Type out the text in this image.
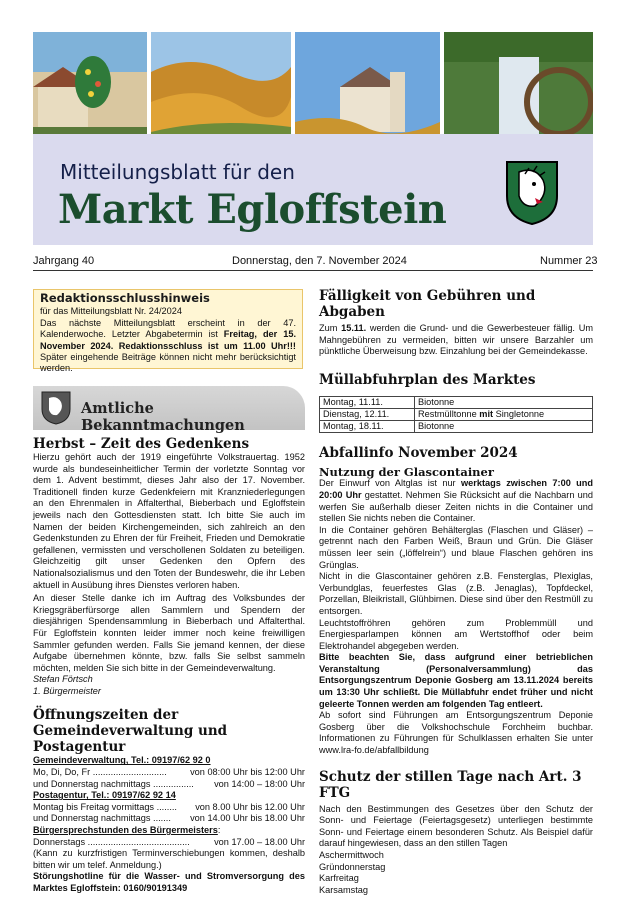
Mitteilungsblatt für den
Markt Egloffstein
Jahrgang 40	Donnerstag, den 7. November 2024	Nummer 23
Redaktionsschlusshinweis

für das Mitteilungsblatt Nr. 24/2024

Das nächste Mitteilungsblatt erscheint in der 47. Kalenderwoche. Letzter Abgabetermin ist Freitag, der 15. November 2024. Redaktionsschluss ist um 11.00 Uhr!!! Später eingehende Beiträge können nicht mehr berücksichtigt werden.

Amtliche Bekanntmachungen
Herbst – Zeit des Gedenkens

Hierzu gehört auch der 1919 eingeführte Volkstrauertag. 1952 wurde als bundeseinheitlicher Termin der vorletzte Sonntag vor dem 1. Advent bestimmt, dieses Jahr also der 17. November. Traditionell finden kurze Gedenkfeiern mit Kranzniederlegungen an den Ehrenmalen in Affalterthal, Bieberbach und Egloffstein jeweils nach den Gottesdiensten statt. Ich bitte Sie auch im Namen der beiden Kirchengemeinden, sich zahlreich an den Gedenkstunden zu Ehren der für Freiheit, Frieden und Demokratie gefallenen, vermissten und verschollenen Soldaten zu beteiligen. Gleichzeitig gilt unser Gedenken den Opfern des Nationalsozialismus und den Toten der Bundeswehr, die ihr Leben aktuell in Ausübung ihres Dienstes verloren haben.

An dieser Stelle danke ich im Auftrag des Volksbundes der Kriegsgräberfürsorge allen Sammlern und Spendern der diesjährigen Spendensammlung in Bieberbach und Affalterthal. Für Egloffstein konnten leider immer noch keine freiwilligen Sammler gefunden werden. Falls Sie jemand kennen, der diese Aufgabe übernehmen könnte, bzw. falls Sie selbst sammeln möchten, melden Sie sich bitte in der Gemeindeverwaltung.

Stefan Förtsch

1. Bürgermeister

Öffnungszeiten der Gemeindeverwaltung und Postagentur

Gemeindeverwaltung, Tel.: 09197/62 92 0

Mo, Di, Do, Fr .............................	von 08:00 Uhr bis 12:00 Uhr
und Donnerstag nachmittags ................ von 14:00 – 18:00 Uhr

Postagentur, Tel.: 09197/62 92 14

Montag bis Freitag vormittags ........ von 8.00 Uhr bis 12.00 Uhr
und Donnerstag nachmittags ....... von 14.00 Uhr bis 18.00 Uhr

Bürgersprechstunden des Bürgermeisters:

Donnerstags ........................................	von 17.00 – 18.00 Uhr

(Kann zu kurzfristigen Terminverschiebungen kommen, deshalb bitten wir um telef. Anmeldung.)

Störungshotline für die Wasser- und Stromversorgung des Marktes Egloffstein: 0160/90191349

Fälligkeit von Gebühren und Abgaben

Zum 15.11. werden die Grund- und die Gewerbesteuer fällig. Um Mahngebühren zu vermeiden, bitten wir unsere Barzahler um pünktliche Überweisung bzw. Einzahlung bei der Gemeindekasse.

Müllabfuhrplan des Marktes
Montag, 11.11.	Biotonne
Dienstag, 12.11.	Restmülltonne mit Singletonne
Montag, 18.11.	Biotonne
Abfallinfo November 2024
Nutzung der Glascontainer

Der Einwurf von Altglas ist nur werktags zwischen 7:00 und 20:00 Uhr gestattet. Nehmen Sie Rücksicht auf die Nachbarn und werfen Sie außerhalb dieser Zeiten nichts in die Container und stellen Sie nichts neben die Container.

In die Container gehören Behälterglas (Flaschen und Gläser) – getrennt nach den Farben Weiß, Braun und Grün. Die Gläser müssen leer sein („löffelrein“) und blaue Flaschen gehören ins Grünglas.

Nicht in die Glascontainer gehören z.B. Fensterglas, Plexiglas, Verbundglas, feuerfestes Glas (z.B. Jenaglas), Topfdeckel, Porzellan, Bleikristall, Glühbirnen. Diese sind über den Restmüll zu entsorgen.

Leuchtstoffröhren gehören zum Problemmüll und Energiesparlampen können am Wertstoffhof oder beim Elektrohandel abgegeben werden.

Bitte beachten Sie, dass aufgrund einer betrieblichen Veranstaltung (Personalversammlung) das Entsorgungszentrum Deponie Gosberg am 13.11.2024 bereits um 13:30 Uhr schließt. Die Müllabfuhr endet früher und nicht geleerte Tonnen werden am folgenden Tag entleert.

Ab sofort sind Führungen am Entsorgungszentrum Deponie Gosberg über die Volkshochschule Forchheim buchbar. Informationen zu Führungen für Schulklassen erhalten Sie unter www.lra-fo.de/abfallbildung

Schutz der stillen Tage nach Art. 3 FTG

Nach den Bestimmungen des Gesetzes über den Schutz der Sonn- und Feiertage (Feiertagsgesetz) unterliegen bestimmte Sonn- und Feiertage einem besonderen Schutz. Als Beispiel dafür darauf hingewiesen, dass an den stillen Tagen

Aschermittwoch

Gründonnerstag

Karfreitag

Karsamstag
